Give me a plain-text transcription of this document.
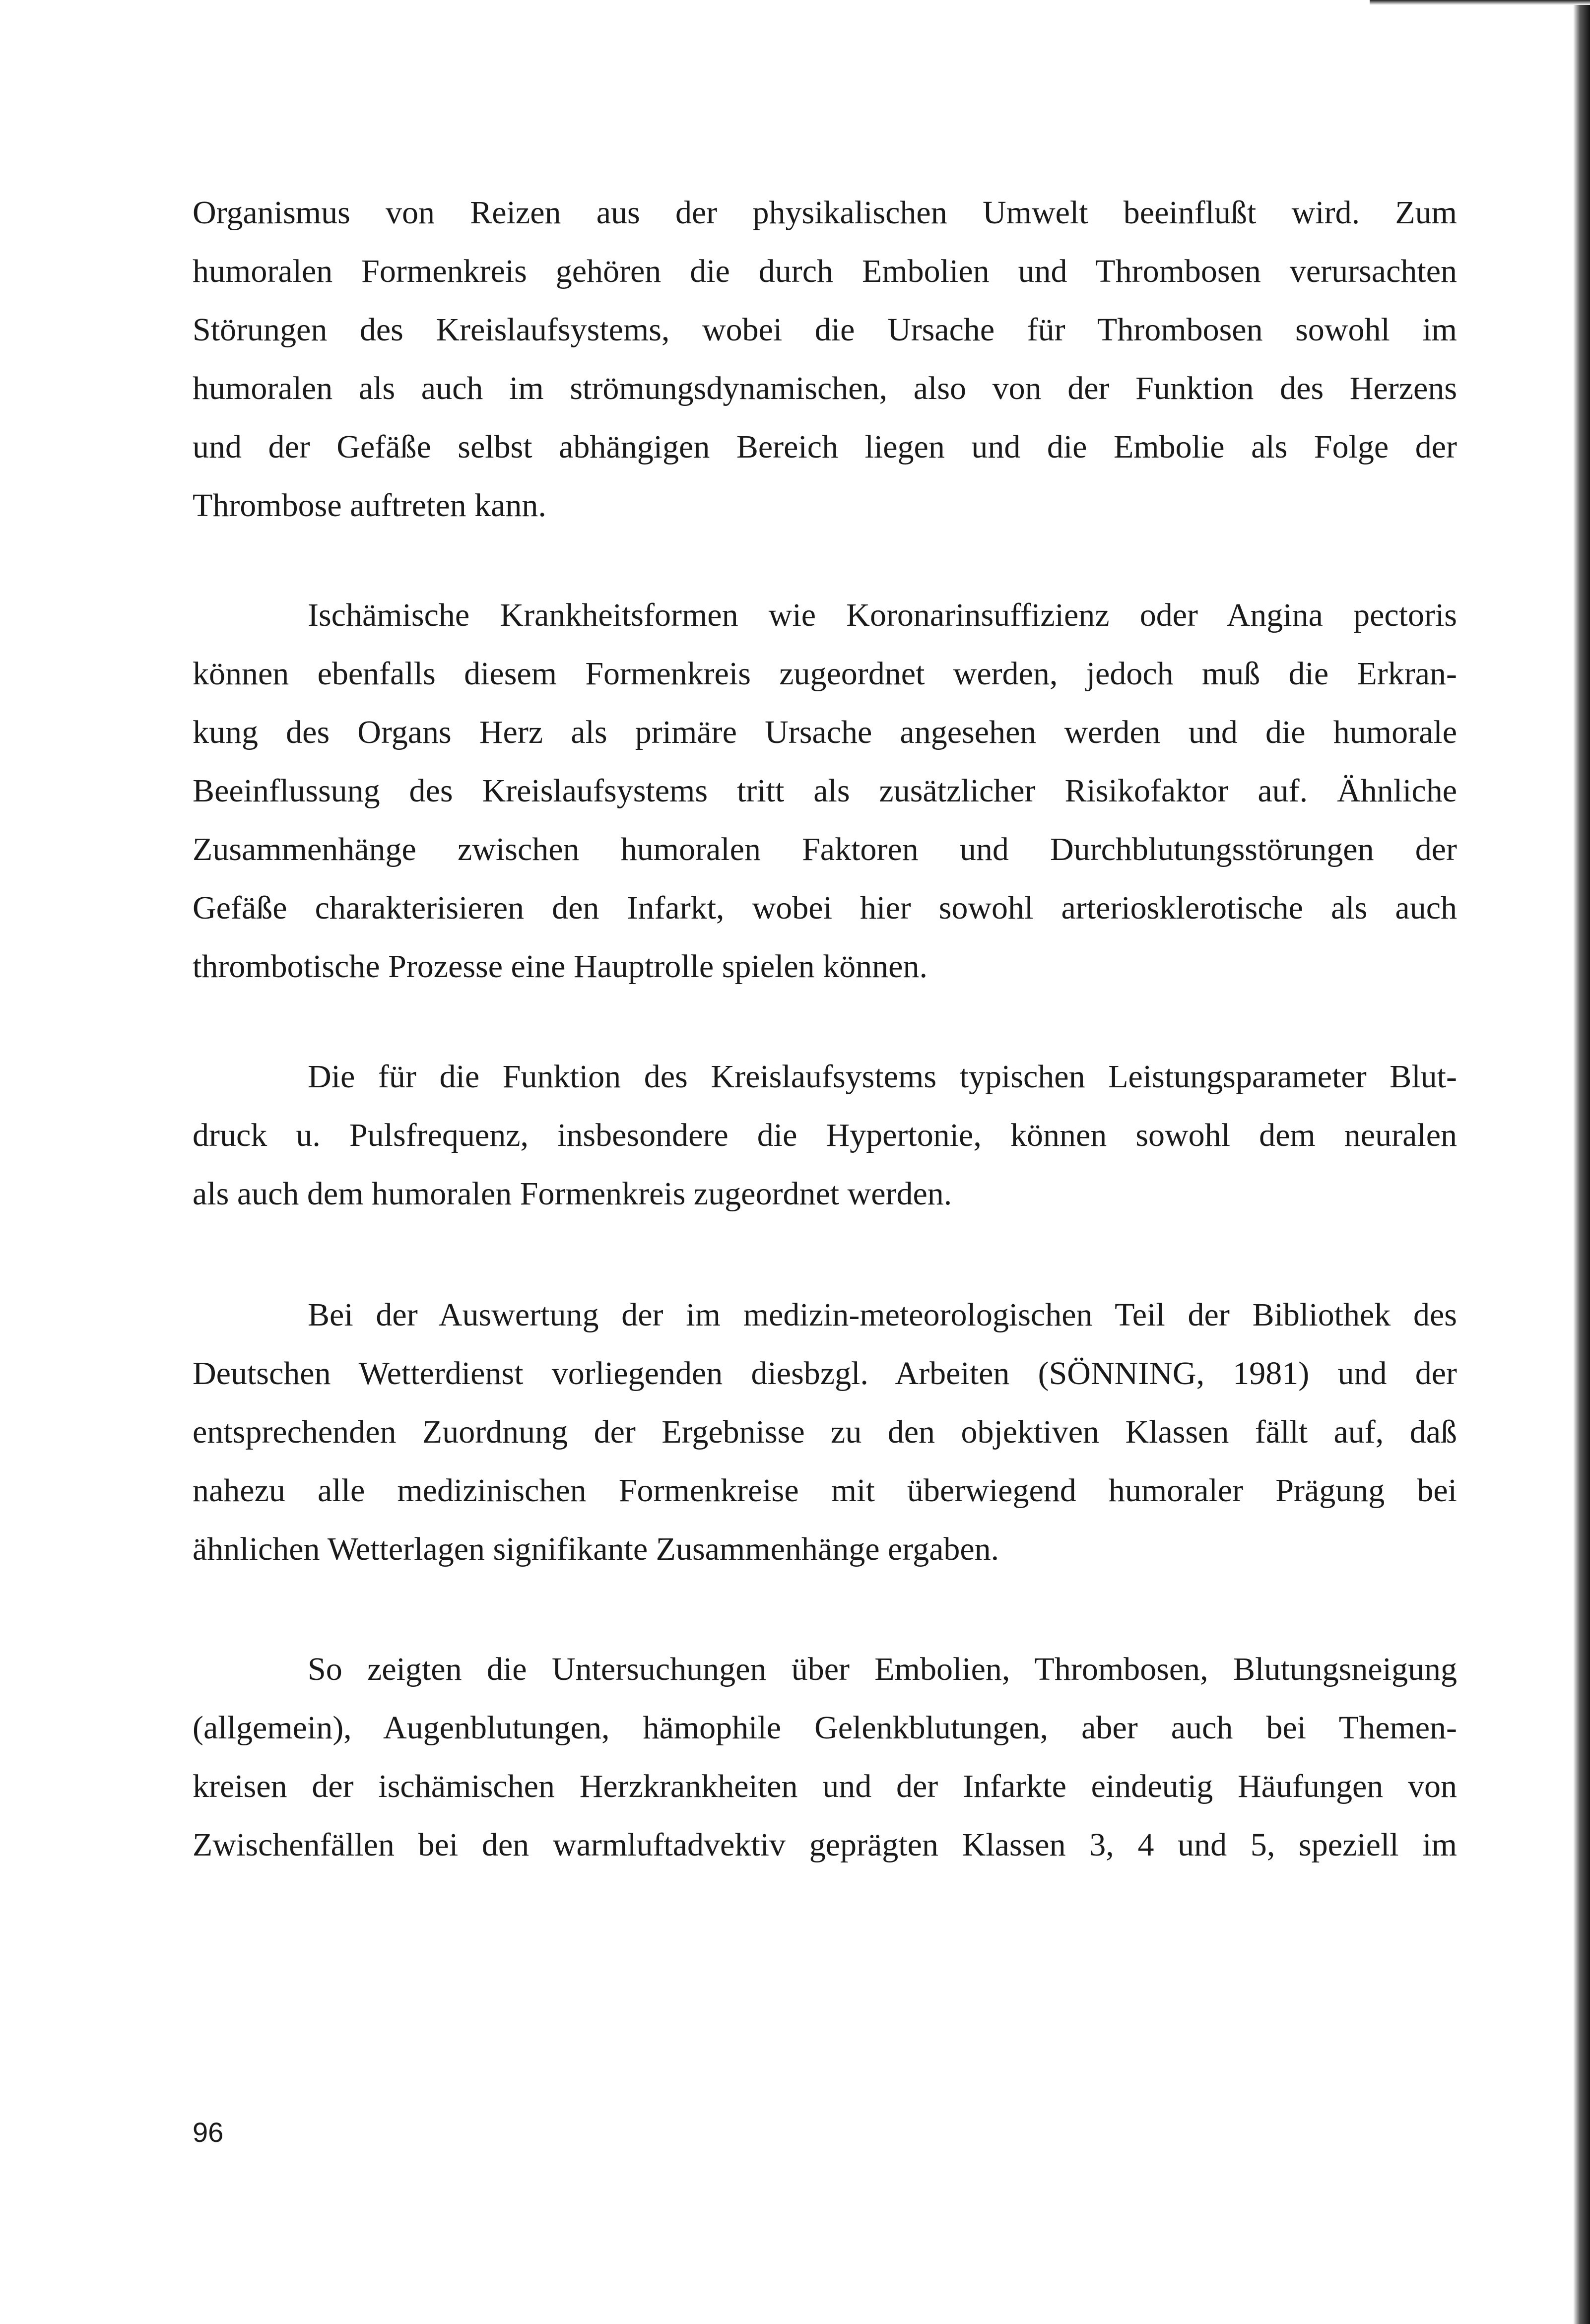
Organismus von Reizen aus der physikalischen Umwelt beeinflußt wird. Zum
humoralen Formenkreis gehören die durch Embolien und Thrombosen verursachten
Störungen des Kreislaufsystems, wobei die Ursache für Thrombosen sowohl im
humoralen als auch im strömungsdynamischen, also von der Funktion des Herzens
und der Gefäße selbst abhängigen Bereich liegen und die Embolie als Folge der
Thrombose auftreten kann.
Ischämische Krankheitsformen wie Koronarinsuffizienz oder Angina pectoris
können ebenfalls diesem Formenkreis zugeordnet werden, jedoch muß die Erkran-
kung des Organs Herz als primäre Ursache angesehen werden und die humorale
Beeinflussung des Kreislaufsystems tritt als zusätzlicher Risikofaktor auf. Ähnliche
Zusammenhänge zwischen humoralen Faktoren und Durchblutungsstörungen der
Gefäße charakterisieren den Infarkt, wobei hier sowohl arteriosklerotische als auch
thrombotische Prozesse eine Hauptrolle spielen können.
Die für die Funktion des Kreislaufsystems typischen Leistungsparameter Blut-
druck u. Pulsfrequenz, insbesondere die Hypertonie, können sowohl dem neuralen
als auch dem humoralen Formenkreis zugeordnet werden.
Bei der Auswertung der im medizin-meteorologischen Teil der Bibliothek des
Deutschen Wetterdienst vorliegenden diesbzgl. Arbeiten (SÖNNING, 1981) und der
entsprechenden Zuordnung der Ergebnisse zu den objektiven Klassen fällt auf, daß
nahezu alle medizinischen Formenkreise mit überwiegend humoraler Prägung bei
ähnlichen Wetterlagen signifikante Zusammenhänge ergaben.
So zeigten die Untersuchungen über Embolien, Thrombosen, Blutungsneigung
(allgemein), Augenblutungen, hämophile Gelenkblutungen, aber auch bei Themen-
kreisen der ischämischen Herzkrankheiten und der Infarkte eindeutig Häufungen von
Zwischenfällen bei den warmluftadvektiv geprägten Klassen 3, 4 und 5, speziell im
96
